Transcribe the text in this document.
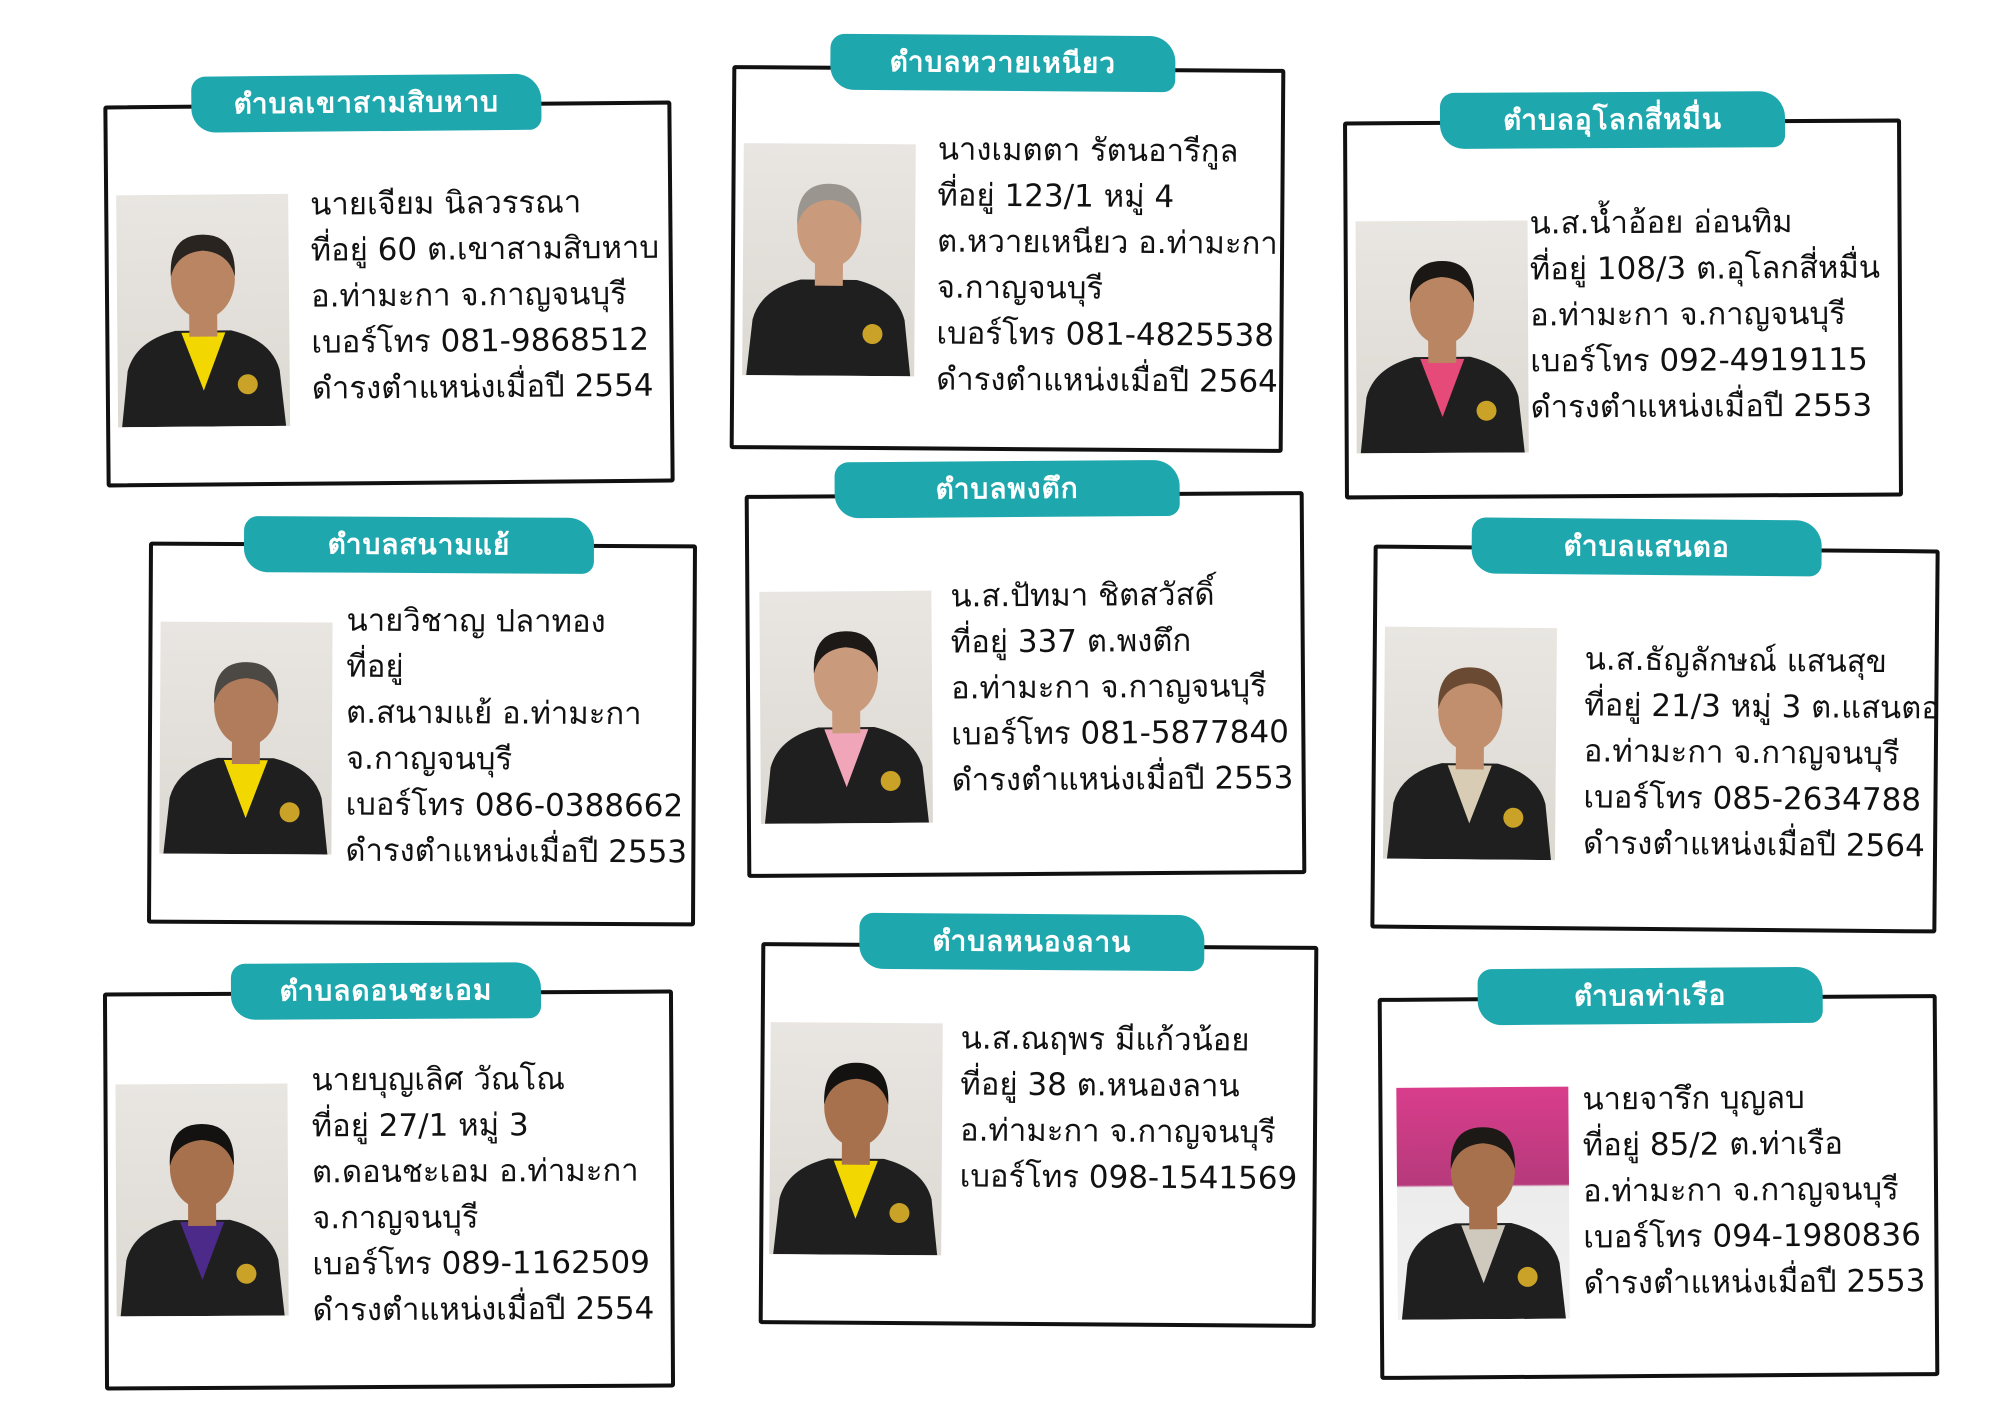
ตำบลเขาสามสิบหาบ
นายเจียม นิลวรรณา
ที่อยู่ 60 ต.เขาสามสิบหาบ
อ.ท่ามะกา จ.กาญจนบุรี
เบอร์โทร 081-9868512
ดำรงตำแหน่งเมื่อปี 2554
ตำบลหวายเหนียว
นางเมตตา รัตนอารีกูล
ที่อยู่ 123/1 หมู่ 4
ต.หวายเหนียว อ.ท่ามะกา
จ.กาญจนบุรี
เบอร์โทร 081-4825538
ดำรงตำแหน่งเมื่อปี 2564
ตำบลอุโลกสี่หมื่น
น.ส.น้ำอ้อย อ่อนทิม
ที่อยู่ 108/3 ต.อุโลกสี่หมื่น
อ.ท่ามะกา จ.กาญจนบุรี
เบอร์โทร 092-4919115
ดำรงตำแหน่งเมื่อปี 2553
ตำบลสนามแย้
นายวิชาญ ปลาทอง
ที่อยู่
ต.สนามแย้ อ.ท่ามะกา
จ.กาญจนบุรี
เบอร์โทร 086-0388662
ดำรงตำแหน่งเมื่อปี 2553
ตำบลพงตึก
น.ส.ปัทมา ชิตสวัสดิ์
ที่อยู่ 337 ต.พงตึก
อ.ท่ามะกา จ.กาญจนบุรี
เบอร์โทร 081-5877840
ดำรงตำแหน่งเมื่อปี 2553
ตำบลแสนตอ
น.ส.ธัญลักษณ์ แสนสุข
ที่อยู่ 21/3 หมู่ 3 ต.แสนตอ
อ.ท่ามะกา จ.กาญจนบุรี
เบอร์โทร 085-2634788
ดำรงตำแหน่งเมื่อปี 2564
ตำบลดอนชะเอม
นายบุญเลิศ วัณโณ
ที่อยู่ 27/1 หมู่ 3
ต.ดอนชะเอม อ.ท่ามะกา
จ.กาญจนบุรี
เบอร์โทร 089-1162509
ดำรงตำแหน่งเมื่อปี 2554
ตำบลหนองลาน
น.ส.ณฤพร มีแก้วน้อย
ที่อยู่ 38 ต.หนองลาน
อ.ท่ามะกา จ.กาญจนบุรี
เบอร์โทร 098-1541569
ตำบลท่าเรือ
นายจารึก บุญลบ
ที่อยู่ 85/2 ต.ท่าเรือ
อ.ท่ามะกา จ.กาญจนบุรี
เบอร์โทร 094-1980836
ดำรงตำแหน่งเมื่อปี 2553
